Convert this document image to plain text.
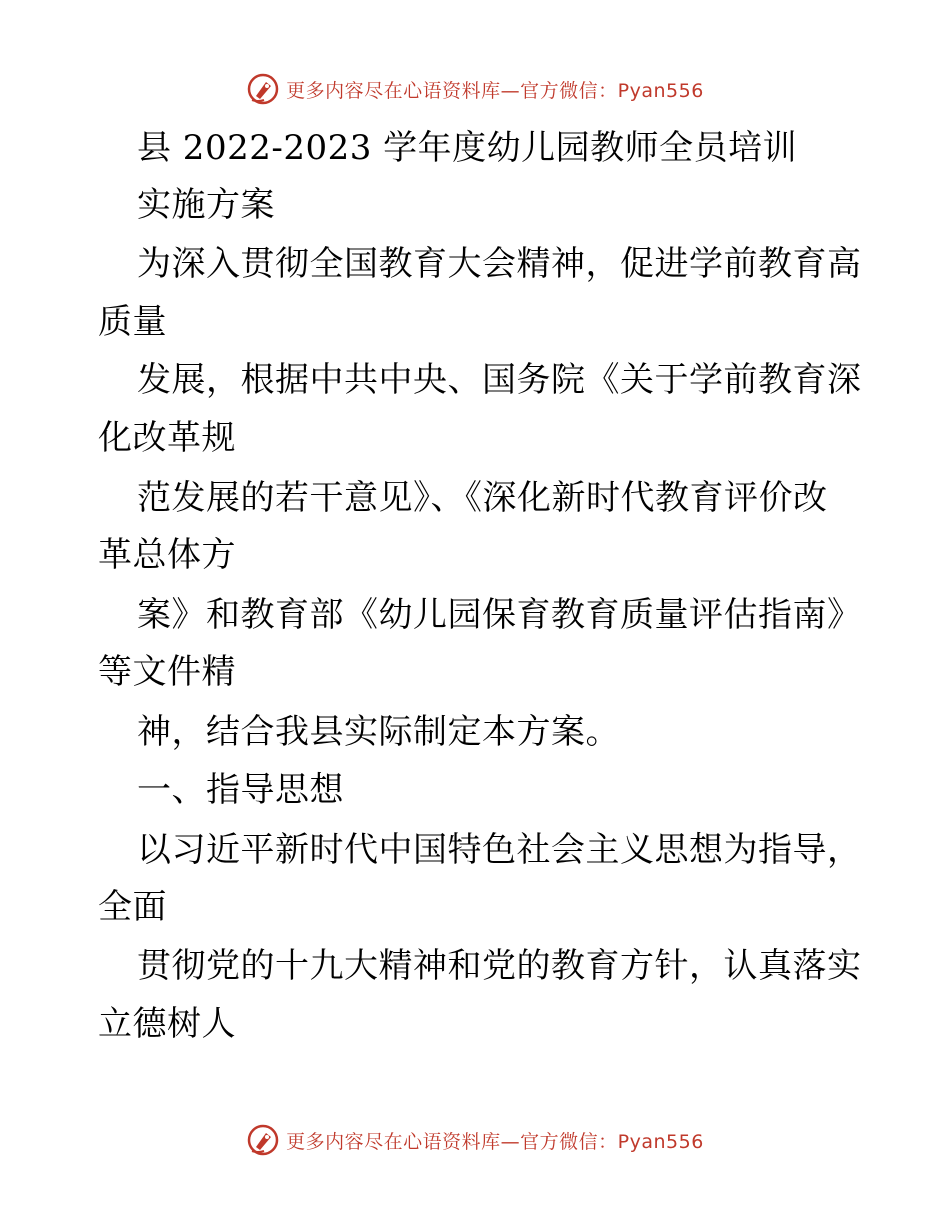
更多内容尽在心语资料库—官方微信：Pyan556
县 2022-2023 学年度幼儿园教师全员培训
实施方案
为深入贯彻全国教育大会精神，促进学前教育高
质量
发展，根据中共中央、国务院《关于学前教育深
化改革规
范发展的若干意见》、《深化新时代教育评价改
革总体方
案》和教育部《幼儿园保育教育质量评估指南》
等文件精
神，结合我县实际制定本方案。
一、指导思想
以习近平新时代中国特色社会主义思想为指导，
全面
贯彻党的十九大精神和党的教育方针，认真落实
立德树人
更多内容尽在心语资料库—官方微信：Pyan556
